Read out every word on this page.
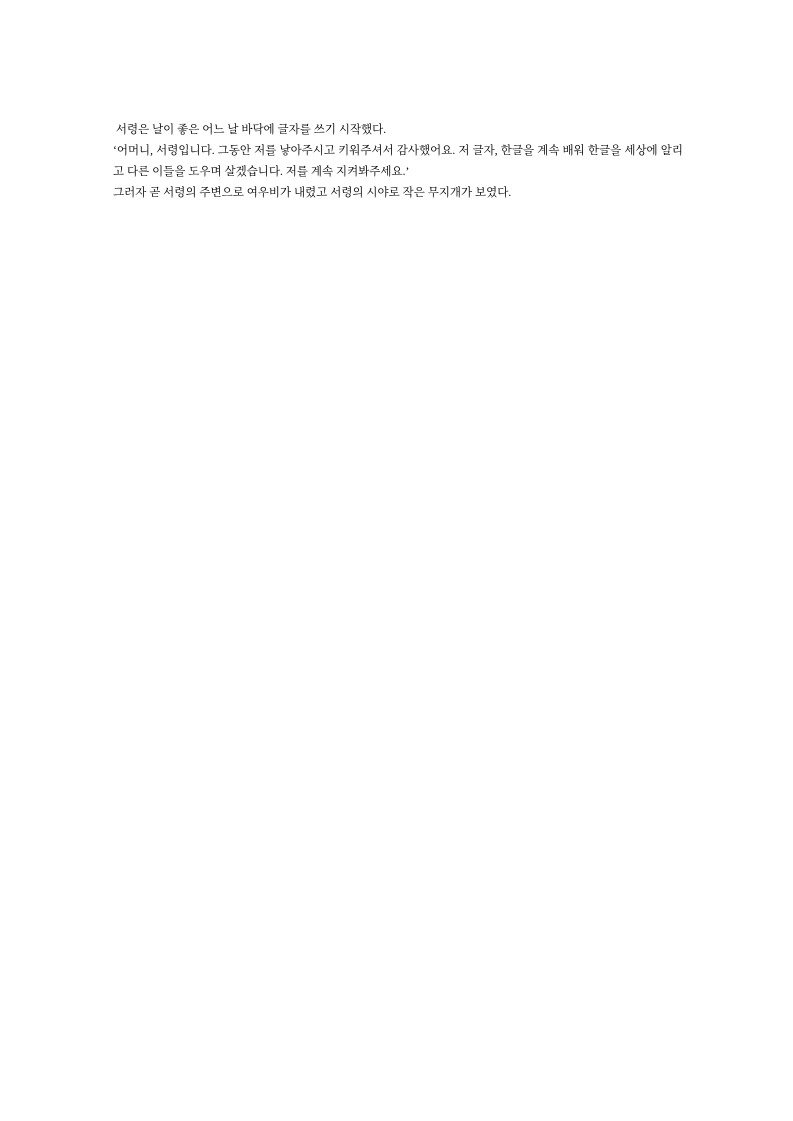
서령은 날이 좋은 어느 날 바닥에 글자를 쓰기 시작했다.

‘어머니, 서령입니다. 그동안 저를 낳아주시고 키워주셔서 감사했어요. 저 글자, 한글을 계속 배워 한글을 세상에 알리고 다른 이들을 도우며 살겠습니다. 저를 계속 지켜봐주세요.’

그러자 곧 서령의 주변으로 여우비가 내렸고 서령의 시야로 작은 무지개가 보였다.
